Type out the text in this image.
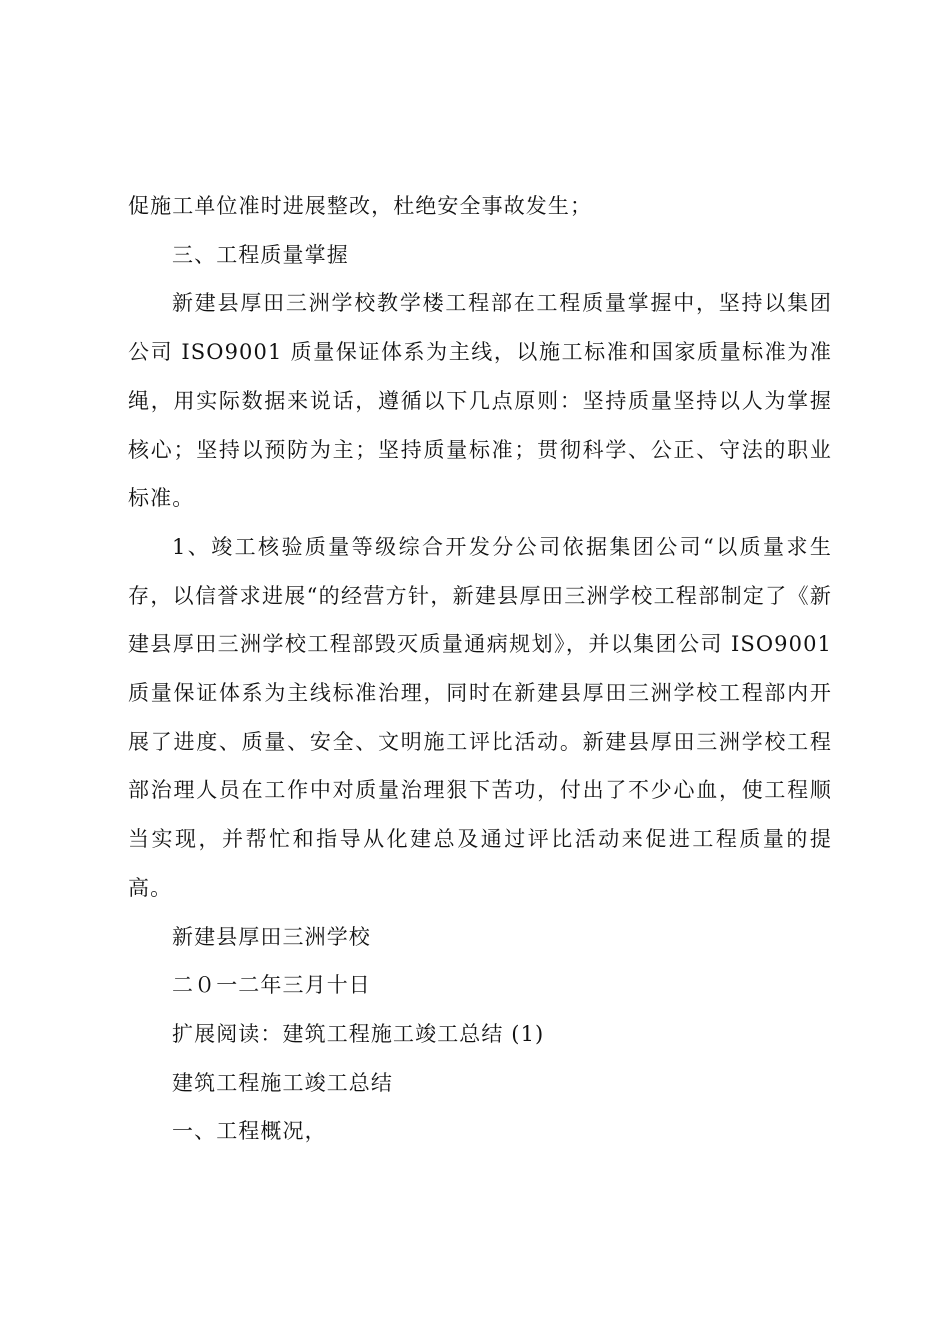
促施工单位准时进展整改，杜绝安全事故发生；

三、工程质量掌握

新建县厚田三洲学校教学楼工程部在工程质量掌握中，坚持以集团公司 ISO9001 质量保证体系为主线，以施工标准和国家质量标准为准绳，用实际数据来说话，遵循以下几点原则：坚持质量坚持以人为掌握核心；坚持以预防为主；坚持质量标准；贯彻科学、公正、守法的职业标准。

1、竣工核验质量等级综合开发分公司依据集团公司“以质量求生存，以信誉求进展“的经营方针，新建县厚田三洲学校工程部制定了《新建县厚田三洲学校工程部毁灭质量通病规划》，并以集团公司 ISO9001 质量保证体系为主线标准治理，同时在新建县厚田三洲学校工程部内开展了进度、质量、安全、文明施工评比活动。新建县厚田三洲学校工程部治理人员在工作中对质量治理狠下苦功，付出了不少心血，使工程顺当实现，并帮忙和指导从化建总及通过评比活动来促进工程质量的提高。

新建县厚田三洲学校

二０一二年三月十日

扩展阅读：建筑工程施工竣工总结 (1)

建筑工程施工竣工总结

一、工程概况，
